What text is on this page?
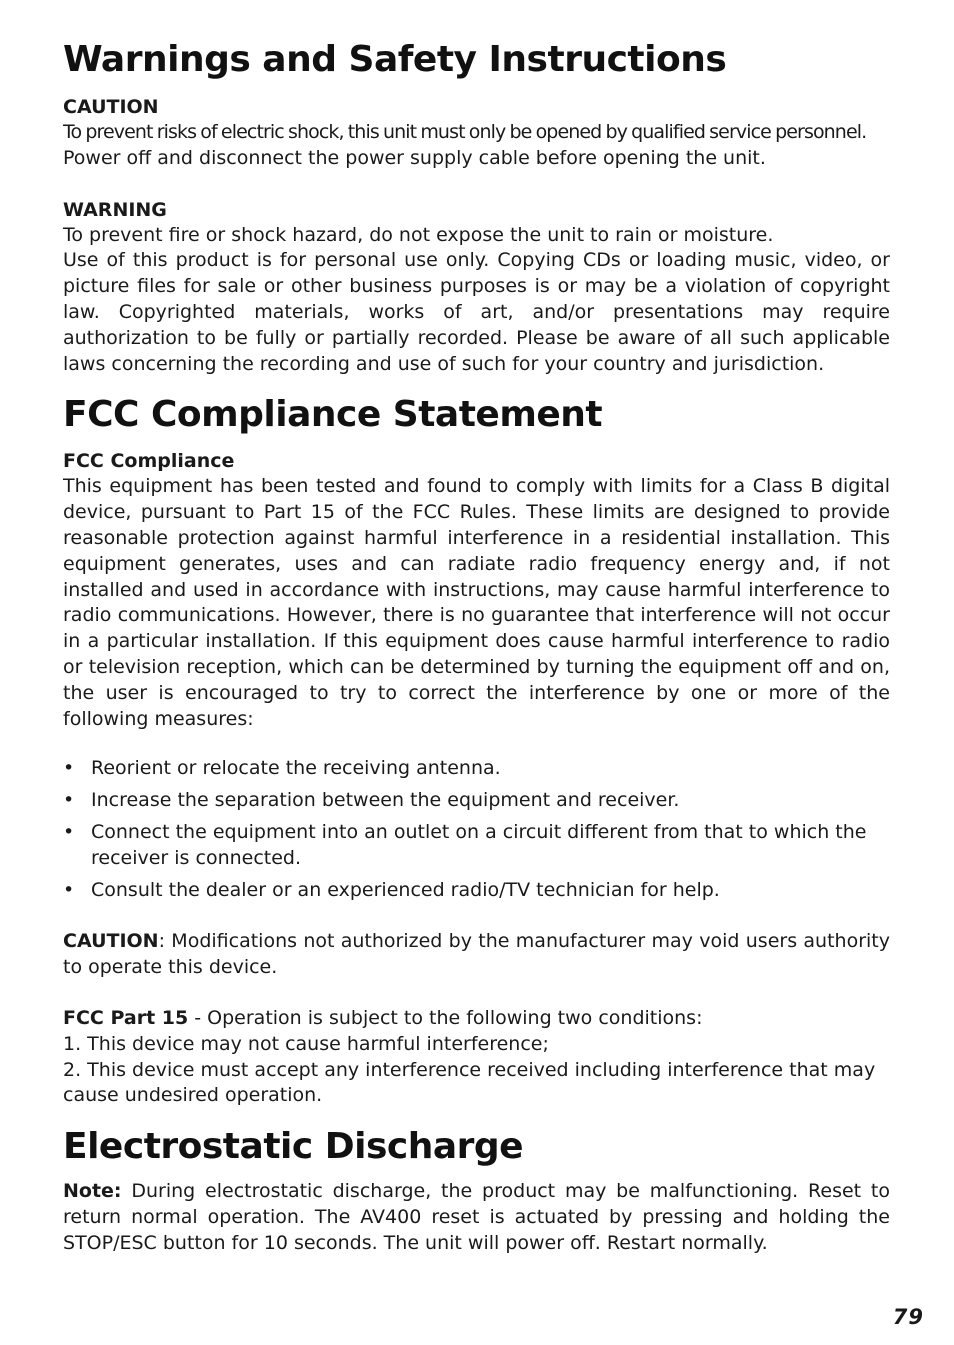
Warnings and Safety Instructions
CAUTION

To prevent risks of electric shock, this unit must only be opened by qualified service personnel.

Power off and disconnect the power supply cable before opening the unit.

WARNING

To prevent fire or shock hazard, do not expose the unit to rain or moisture.

Use of this product is for personal use only. Copying CDs or loading music, video, or picture files for sale or other business purposes is or may be a violation of copyright law. Copyrighted materials, works of art, and/or presentations may require authorization to be fully or partially recorded. Please be aware of all such applicable laws concerning the recording and use of such for your country and jurisdiction.

FCC Compliance Statement
FCC Compliance

This equipment has been tested and found to comply with limits for a Class B digital device, pursuant to Part 15 of the FCC Rules. These limits are designed to provide reasonable protection against harmful interference in a residential installation. This equipment generates, uses and can radiate radio frequency energy and, if not installed and used in accordance with instructions, may cause harmful interference to radio communications. However, there is no guarantee that interference will not occur in a particular installation. If this equipment does cause harmful interference to radio or television reception, which can be determined by turning the equipment off and on, the user is encouraged to try to correct the interference by one or more of the following measures:

• Reorient or relocate the receiving antenna.
• Increase the separation between the equipment and receiver.
• Connect the equipment into an outlet on a circuit different from that to which the receiver is connected.
• Consult the dealer or an experienced radio/TV technician for help.

CAUTION: Modifications not authorized by the manufacturer may void users authority to operate this device.

FCC Part 15 - Operation is subject to the following two conditions:

1. This device may not cause harmful interference;

2. This device must accept any interference received including interference that may cause undesired operation.

Electrostatic Discharge

Note: During electrostatic discharge, the product may be malfunctioning. Reset to return normal operation. The AV400 reset is actuated by pressing and holding the STOP/ESC button for 10 seconds. The unit will power off. Restart normally.

79
